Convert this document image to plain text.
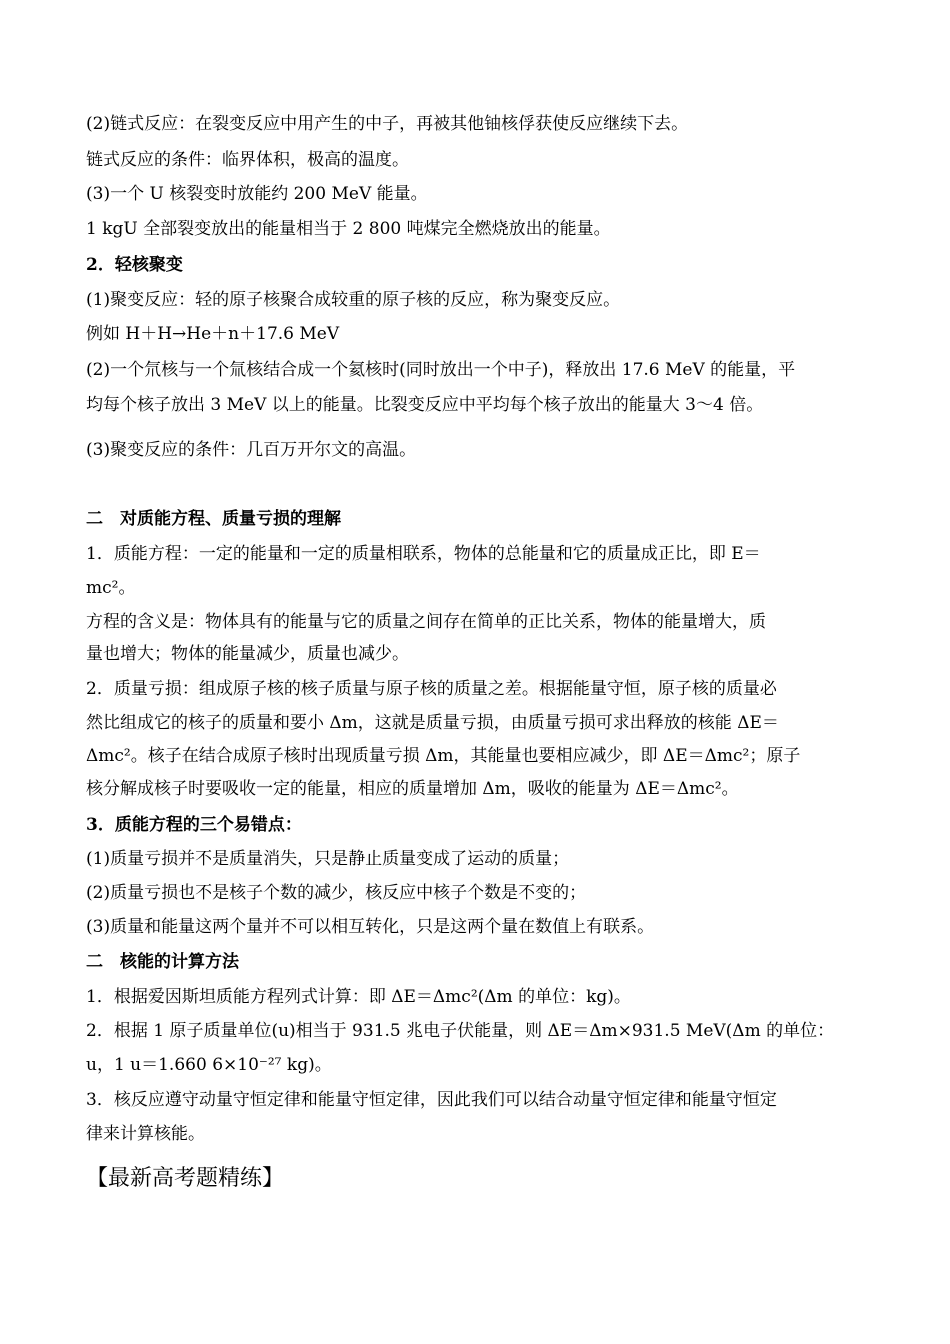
(2)链式反应：在裂变反应中用产生的中子，再被其他铀核俘获使反应继续下去。

链式反应的条件：临界体积，极高的温度。

(3)一个 U 核裂变时放能约 200 MeV 能量。

1 kgU 全部裂变放出的能量相当于 2 800 吨煤完全燃烧放出的能量。

2．轻核聚变

(1)聚变反应：轻的原子核聚合成较重的原子核的反应，称为聚变反应。

例如 H＋H→He＋n＋17.6 MeV

(2)一个氘核与一个氚核结合成一个氦核时(同时放出一个中子)，释放出 17.6 MeV 的能量，平

均每个核子放出 3 MeV 以上的能量。比裂变反应中平均每个核子放出的能量大 3～4 倍。

(3)聚变反应的条件：几百万开尔文的高温。

二　对质能方程、质量亏损的理解

1．质能方程：一定的能量和一定的质量相联系，物体的总能量和它的质量成正比，即 E＝

mc²。

方程的含义是：物体具有的能量与它的质量之间存在简单的正比关系，物体的能量增大，质

量也增大；物体的能量减少，质量也减少。

2．质量亏损：组成原子核的核子质量与原子核的质量之差。根据能量守恒，原子核的质量必

然比组成它的核子的质量和要小 Δm，这就是质量亏损，由质量亏损可求出释放的核能 ΔE＝

Δmc²。核子在结合成原子核时出现质量亏损 Δm，其能量也要相应减少，即 ΔE＝Δmc²；原子

核分解成核子时要吸收一定的能量，相应的质量增加 Δm，吸收的能量为 ΔE＝Δmc²。

3．质能方程的三个易错点：

(1)质量亏损并不是质量消失，只是静止质量变成了运动的质量；

(2)质量亏损也不是核子个数的减少，核反应中核子个数是不变的；

(3)质量和能量这两个量并不可以相互转化，只是这两个量在数值上有联系。

二　核能的计算方法

1．根据爱因斯坦质能方程列式计算：即 ΔE＝Δmc²(Δm 的单位：kg)。

2．根据 1 原子质量单位(u)相当于 931.5 兆电子伏能量，则 ΔE＝Δm×931.5 MeV(Δm 的单位：

u，1 u＝1.660 6×10⁻²⁷ kg)。

3．核反应遵守动量守恒定律和能量守恒定律，因此我们可以结合动量守恒定律和能量守恒定

律来计算核能。

【最新高考题精练】
